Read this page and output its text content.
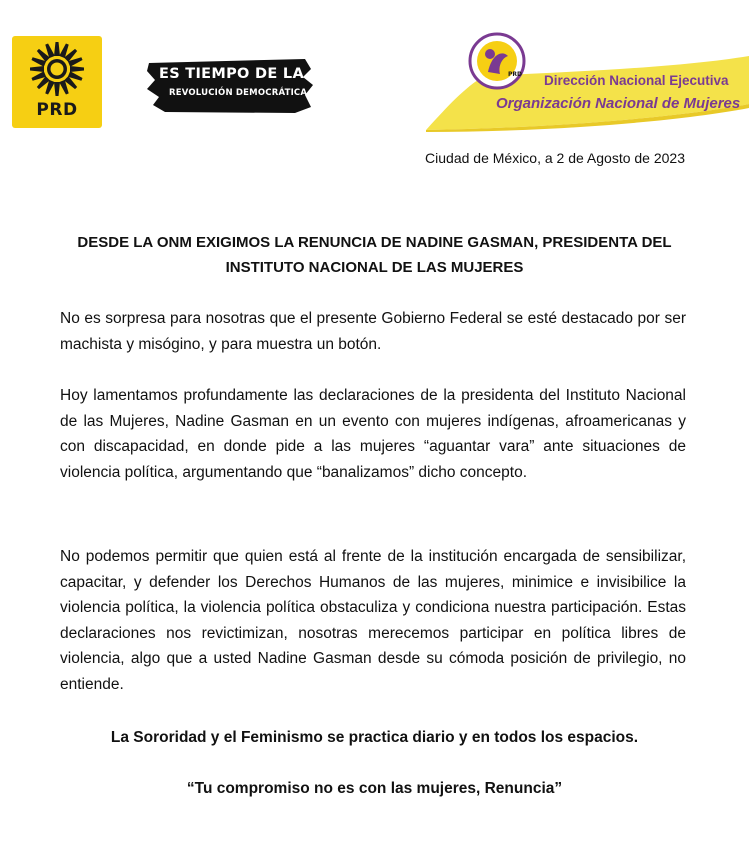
PRD
ES TIEMPO DE LA
REVOLUCIÓN DEMOCRÁTICA
PRD Dirección Nacional Ejecutiva
Organización Nacional de Mujeres
Ciudad de México, a 2 de Agosto de 2023
DESDE LA ONM EXIGIMOS LA RENUNCIA DE NADINE GASMAN, PRESIDENTA DEL INSTITUTO NACIONAL DE LAS MUJERES
No es sorpresa para nosotras que el presente Gobierno Federal se esté destacado por ser machista y misógino, y para muestra un botón.
Hoy lamentamos profundamente las declaraciones de la presidenta del Instituto Nacional de las Mujeres, Nadine Gasman en un evento con mujeres indígenas, afroamericanas y con discapacidad, en donde pide a las mujeres “aguantar vara” ante situaciones de violencia política, argumentando que “banalizamos” dicho concepto.
No podemos permitir que quien está al frente de la institución encargada de sensibilizar, capacitar, y defender los Derechos Humanos de las mujeres, minimice e invisibilice la violencia política, la violencia política obstaculiza y condiciona nuestra participación. Estas declaraciones nos revictimizan, nosotras merecemos participar en política libres de violencia, algo que a usted Nadine Gasman desde su cómoda posición de privilegio, no entiende.
La Sororidad y el Feminismo se practica diario y en todos los espacios.
“Tu compromiso no es con las mujeres, Renuncia”
